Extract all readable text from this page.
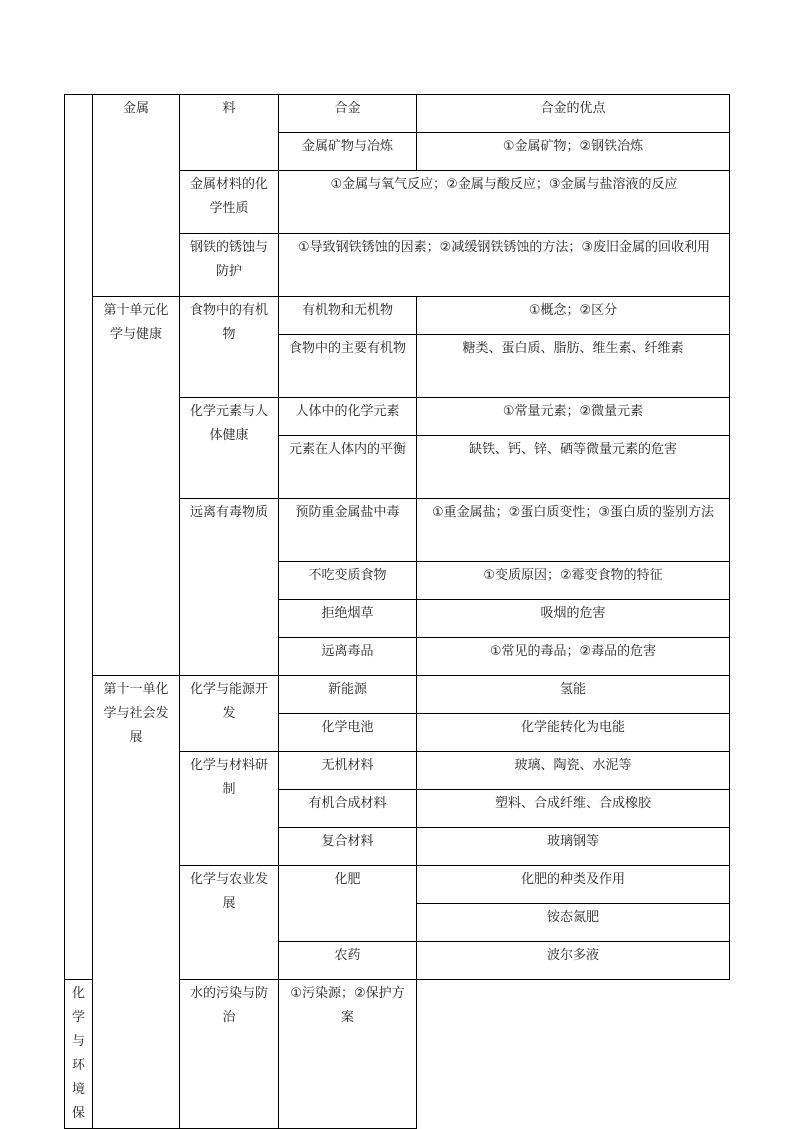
	金属	料	合金	合金的优点
			金属矿物与冶炼	①金属矿物；②钢铁冶炼
		金属材料的化学性质	①金属与氧气反应；②金属与酸反应；③金属与盐溶液的反应	
		钢铁的锈蚀与防护	①导致钢铁锈蚀的因素；②减缓钢铁锈蚀的方法；③废旧金属的回收利用	
	第十单元化学与健康	食物中的有机物	有机物和无机物	①概念；②区分
			食物中的主要有机物	糖类、蛋白质、脂肪、维生素、纤维素
		化学元素与人体健康	人体中的化学元素	①常量元素；②微量元素
			元素在人体内的平衡	缺铁、钙、锌、硒等微量元素的危害
		远离有毒物质	预防重金属盐中毒	①重金属盐；②蛋白质变性；③蛋白质的鉴别方法
			不吃变质食物	①变质原因；②霉变食物的特征
			拒绝烟草	吸烟的危害
			远离毒品	①常见的毒品；②毒品的危害
	第十一单化学与社会发展	化学与能源开发	新能源	氢能
			化学电池	化学能转化为电能
		化学与材料研制	无机材料	玻璃、陶瓷、水泥等
			有机合成材料	塑料、合成纤维、合成橡胶
			复合材料	玻璃钢等
		化学与农业发展	化肥	化肥的种类及作用
				铵态氮肥
			农药	波尔多液
化学与环境保		水的污染与防治	①污染源；②保护方案	
